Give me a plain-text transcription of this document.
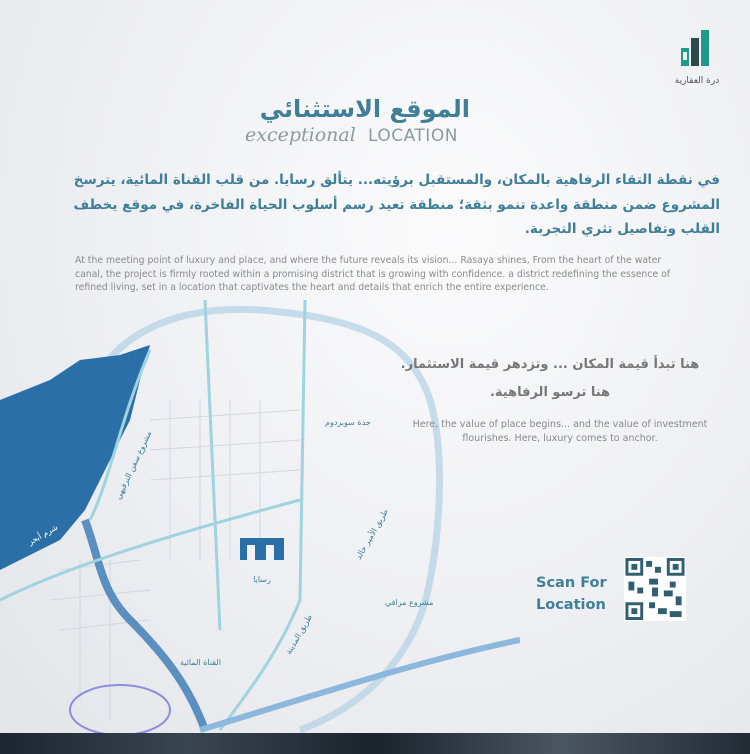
درة العقارية
الموقع الاستثنائي
exceptional LOCATION
في نقطة التقاء الرفاهية بالمكان، والمستقبل برؤيته... يتألق رسايا. من قلب القناة المائية، يترسخ المشروع ضمن منطقة واعدة تنمو بثقة؛ منطقة تعيد رسم أسلوب الحياة الفاخرة، في موقع يخطف القلب وتفاصيل تثري التجربة.
At the meeting point of luxury and place, and where the future reveals its vision... Rasaya shines, From the heart of the water canal, the project is firmly rooted within a promising district that is growing with confidence. a district redefining the essence of refined living, set in a location that captivates the heart and details that enrich the entire experience.
رسايا
جدة سوبردوم
مشروع سفن الترفيهي
شرم أبحر	طريق الأمير خالد
مشروع مرافي
طريق المدينة
القناة المائية
هنا تبدأ قيمة المكان ... وتزدهر قيمة الاستثمار.
هنا ترسو الرفاهية.
Here, the value of place begins... and the value of investment flourishes. Here, luxury comes to anchor.
Scan For
Location
